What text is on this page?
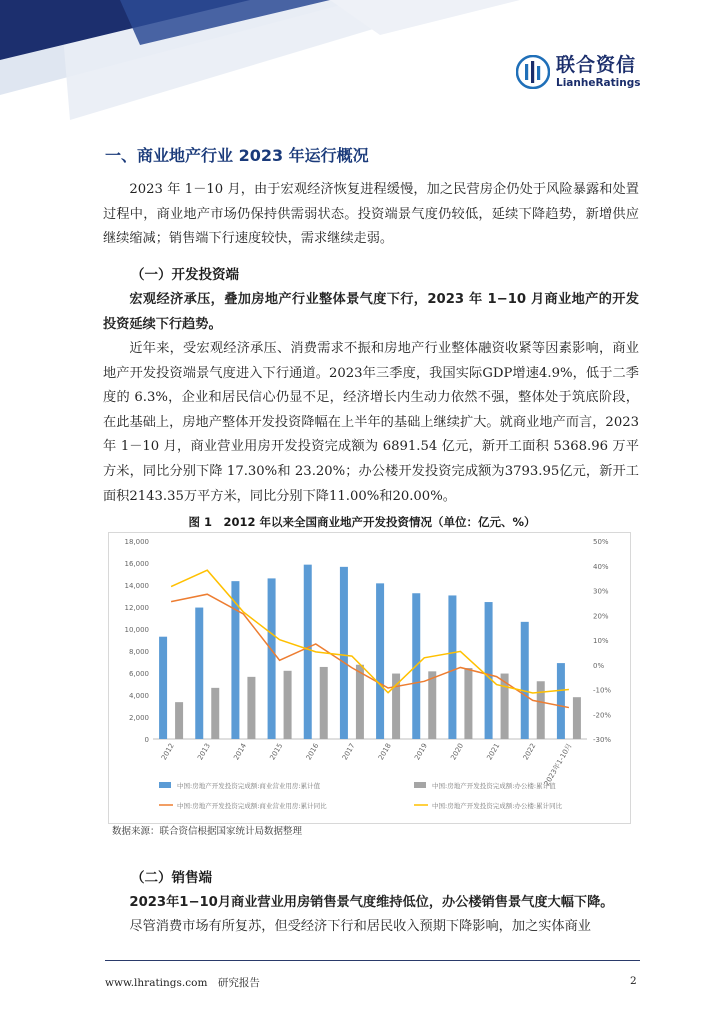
联合资信
LianheRatings
一、商业地产行业 2023 年运行概况
2023 年 1－10 月，由于宏观经济恢复进程缓慢，加之民营房企仍处于风险暴露和处置过程中，商业地产市场仍保持供需弱状态。投资端景气度仍较低，延续下降趋势，新增供应继续缩减；销售端下行速度较快，需求继续走弱。
（一）开发投资端
宏观经济承压，叠加房地产行业整体景气度下行，2023 年 1−10 月商业地产的开发投资延续下行趋势。
近年来，受宏观经济承压、消费需求不振和房地产行业整体融资收紧等因素影响，商业地产开发投资端景气度进入下行通道。2023年三季度，我国实际GDP增速4.9%，低于二季度的 6.3%，企业和居民信心仍显不足，经济增长内生动力依然不强，整体处于筑底阶段，在此基础上，房地产整体开发投资降幅在上半年的基础上继续扩大。就商业地产而言，2023 年 1－10 月，商业营业用房开发投资完成额为 6891.54 亿元，新开工面积 5368.96 万平方米，同比分别下降 17.30%和 23.20%；办公楼开发投资完成额为3793.95亿元，新开工面积2143.35万平方米，同比分别下降11.00%和20.00%。
图 1　2012 年以来全国商业地产开发投资情况（单位：亿元、%）
0
2,000
4,000
6,000
8,000
10,000
12,000
14,000
16,000
18,000
-30%
-20%
-10%
0%
10%
20%
30%
40%
50%
2012	2013	2014	2015	2016	2017	2018	2019	2020	2021	2022 2023年1-10月
中国:房地产开发投资完成额:商业营业用房:累计值	中国:房地产开发投资完成额:办公楼:累计值
中国:房地产开发投资完成额:商业营业用房:累计同比	中国:房地产开发投资完成额:办公楼:累计同比
数据来源：联合资信根据国家统计局数据整理
（二）销售端
2023年1−10月商业营业用房销售景气度维持低位，办公楼销售景气度大幅下降。
尽管消费市场有所复苏，但受经济下行和居民收入预期下降影响，加之实体商业
www.lhratings.com　研究报告	2
